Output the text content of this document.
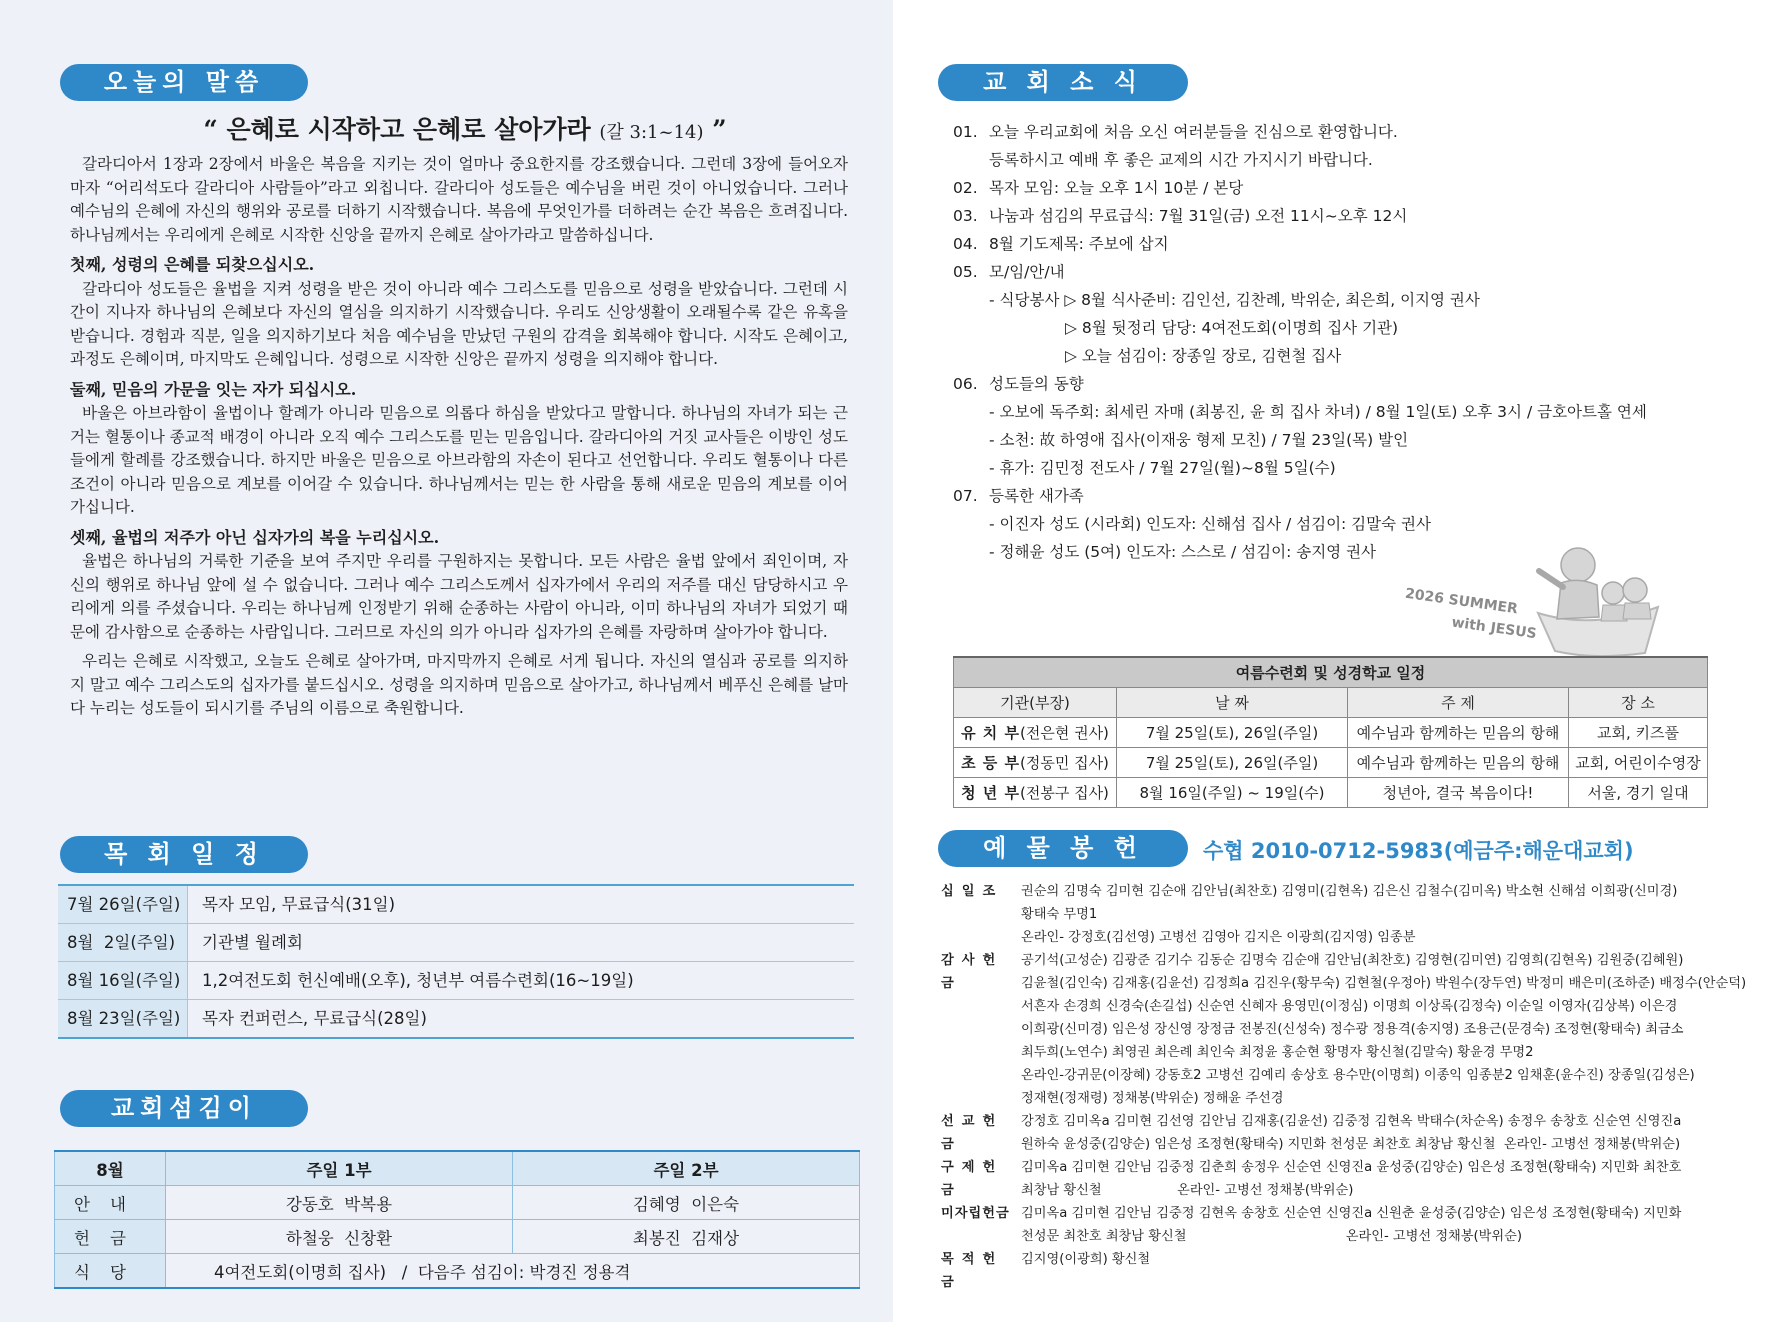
오늘의 말씀
“ 은혜로 시작하고 은혜로 살아가라 (갈 3:1~14) ”

갈라디아서 1장과 2장에서 바울은 복음을 지키는 것이 얼마나 중요한지를 강조했습니다. 그런데 3장에 들어오자마자 “어리석도다 갈라디아 사람들아”라고 외칩니다. 갈라디아 성도들은 예수님을 버린 것이 아니었습니다. 그러나 예수님의 은혜에 자신의 행위와 공로를 더하기 시작했습니다. 복음에 무엇인가를 더하려는 순간 복음은 흐려집니다. 하나님께서는 우리에게 은혜로 시작한 신앙을 끝까지 은혜로 살아가라고 말씀하십니다.

첫째, 성령의 은혜를 되찾으십시오.

갈라디아 성도들은 율법을 지켜 성령을 받은 것이 아니라 예수 그리스도를 믿음으로 성령을 받았습니다. 그런데 시간이 지나자 하나님의 은혜보다 자신의 열심을 의지하기 시작했습니다. 우리도 신앙생활이 오래될수록 같은 유혹을 받습니다. 경험과 직분, 일을 의지하기보다 처음 예수님을 만났던 구원의 감격을 회복해야 합니다. 시작도 은혜이고, 과정도 은혜이며, 마지막도 은혜입니다. 성령으로 시작한 신앙은 끝까지 성령을 의지해야 합니다.

둘째, 믿음의 가문을 잇는 자가 되십시오.

바울은 아브라함이 율법이나 할례가 아니라 믿음으로 의롭다 하심을 받았다고 말합니다. 하나님의 자녀가 되는 근거는 혈통이나 종교적 배경이 아니라 오직 예수 그리스도를 믿는 믿음입니다. 갈라디아의 거짓 교사들은 이방인 성도들에게 할례를 강조했습니다. 하지만 바울은 믿음으로 아브라함의 자손이 된다고 선언합니다. 우리도 혈통이나 다른 조건이 아니라 믿음으로 계보를 이어갈 수 있습니다. 하나님께서는 믿는 한 사람을 통해 새로운 믿음의 계보를 이어 가십니다.

셋째, 율법의 저주가 아닌 십자가의 복을 누리십시오.

율법은 하나님의 거룩한 기준을 보여 주지만 우리를 구원하지는 못합니다. 모든 사람은 율법 앞에서 죄인이며, 자신의 행위로 하나님 앞에 설 수 없습니다. 그러나 예수 그리스도께서 십자가에서 우리의 저주를 대신 담당하시고 우리에게 의를 주셨습니다. 우리는 하나님께 인정받기 위해 순종하는 사람이 아니라, 이미 하나님의 자녀가 되었기 때문에 감사함으로 순종하는 사람입니다. 그러므로 자신의 의가 아니라 십자가의 은혜를 자랑하며 살아가야 합니다.

우리는 은혜로 시작했고, 오늘도 은혜로 살아가며, 마지막까지 은혜로 서게 됩니다. 자신의 열심과 공로를 의지하지 말고 예수 그리스도의 십자가를 붙드십시오. 성령을 의지하며 믿음으로 살아가고, 하나님께서 베푸신 은혜를 날마다 누리는 성도들이 되시기를 주님의 이름으로 축원합니다.

목 회 일 정
7월 26일(주일)	목자 모임, 무료급식(31일)
8월  2일(주일)	기관별 월례회
8월 16일(주일)	1,2여전도회 헌신예배(오후), 청년부 여름수련회(16~19일)
8월 23일(주일)	목자 컨퍼런스, 무료급식(28일)
교회섬김이
8월	주일 1부	주일 2부
안내	강동호  박복용	김혜영  이은숙
헌금	하철웅  신창환	최봉진  김재상
식당	4여전도회(이명희 집사)   /  다음주 섬김이: 박경진 정용격	
교 회 소 식
01. 오늘 우리교회에 처음 오신 여러분들을 진심으로 환영합니다.
등록하시고 예배 후 좋은 교제의 시간 가지시기 바랍니다.
02. 목자 모임: 오늘 오후 1시 10분 / 본당
03. 나눔과 섬김의 무료급식: 7월 31일(금) 오전 11시~오후 12시
04. 8월 기도제목: 주보에 삽지
05. 모/임/안/내
- 식당봉사 ▷ 8월 식사준비: 김인선, 김찬례, 박위순, 최은희, 이지영 권사
▷ 8월 뒷정리 담당: 4여전도회(이명희 집사 기관)
▷ 오늘 섬김이: 장종일 장로, 김현철 집사
06. 성도들의 동향
- 오보에 독주회: 최세린 자매 (최봉진, 윤 희 집사 차녀) / 8월 1일(토) 오후 3시 / 금호아트홀 연세
- 소천: 故 하영애 집사(이재웅 형제 모친) / 7월 23일(목) 발인
- 휴가: 김민정 전도사 / 7월 27일(월)~8월 5일(수)
07. 등록한 새가족
- 이진자 성도 (시라회) 인도자: 신해섬 집사 / 섬김이: 김말숙 권사
- 정해윤 성도 (5여) 인도자: 스스로 / 섬김이: 송지영 권사
2026 SUMMER
with JESUS
여름수련회 및 성경학교 일정			
기관(부장)	날 짜	주 제	장 소
유 치 부(전은현 권사)	7월 25일(토), 26일(주일)	예수님과 함께하는 믿음의 항해	교회, 키즈풀
초 등 부(정동민 집사)	7월 25일(토), 26일(주일)	예수님과 함께하는 믿음의 항해	교회, 어린이수영장
청 년 부(전봉구 집사)	8월 16일(주일) ~ 19일(수)	청년아, 결국 복음이다!	서울, 경기 일대
예 물 봉 헌	수협 2010-0712-5983(예금주:해운대교회)
십일조	권순의 김명숙 김미현 김순애 김안님(최찬호) 김영미(김현옥) 김은신 김철수(김미옥) 박소현 신해섬 이희광(신미경)
황태숙 무명1
온라인- 강정호(김선영) 고병선 김영아 김지은 이광희(김지영) 임종분
감사헌금
공기석(고성순) 김광준 김기수 김동순 김명숙 김순애 김안님(최찬호) 김영현(김미연) 김영희(김현옥) 김원중(김혜원)
김윤철(김인숙) 김재홍(김윤선) 김정희a 김진우(황무숙) 김현철(우정아) 박원수(장두연) 박정미 배은미(조하준) 배정수(안순덕)
서흔자 손경희 신경숙(손길섭) 신순연 신혜자 용영민(이정심) 이명희 이상록(김정숙) 이순일 이영자(김상복) 이은경
이희광(신미경) 임은성 장신영 장정금 전봉진(신성숙) 정수광 정용격(송지영) 조용근(문경숙) 조정현(황태숙) 최금소
최두희(노연수) 최영권 최은례 최인숙 최정윤 홍순현 황명자 황신철(김말숙) 황윤경 무명2
온라인-강귀문(이장혜) 강동호2 고병선 김예리 송상호 용수만(이명희) 이종익 임종분2 임채훈(윤수진) 장종일(김성은)
정재현(정재령) 정채봉(박위순) 정해윤 주선경
선교헌금
강정호 김미옥a 김미현 김선영 김안님 김재홍(김윤선) 김중정 김현옥 박태수(차순옥) 송정우 송창호 신순연 신영진a
원하숙 윤성중(김양순) 임은성 조정현(황태숙) 지민화 천성문 최찬호 최창남 황신철  온라인- 고병선 정채봉(박위순)
구제헌금
김미옥a 김미현 김안님 김중정 김춘희 송정우 신순연 신영진a 윤성중(김양순) 임은성 조정현(황태숙) 지민화 최찬호
최창남 황신철                  온라인- 고병선 정채봉(박위순)
미자립헌금 김미옥a 김미현 김안님 김중정 김현옥 송창호 신순연 신영진a 신원춘 윤성중(김양순) 임은성 조정현(황태숙) 지민화
천성문 최찬호 최창남 황신철                                      온라인- 고병선 정채봉(박위순)
목적헌금
김지영(이광희) 황신철
